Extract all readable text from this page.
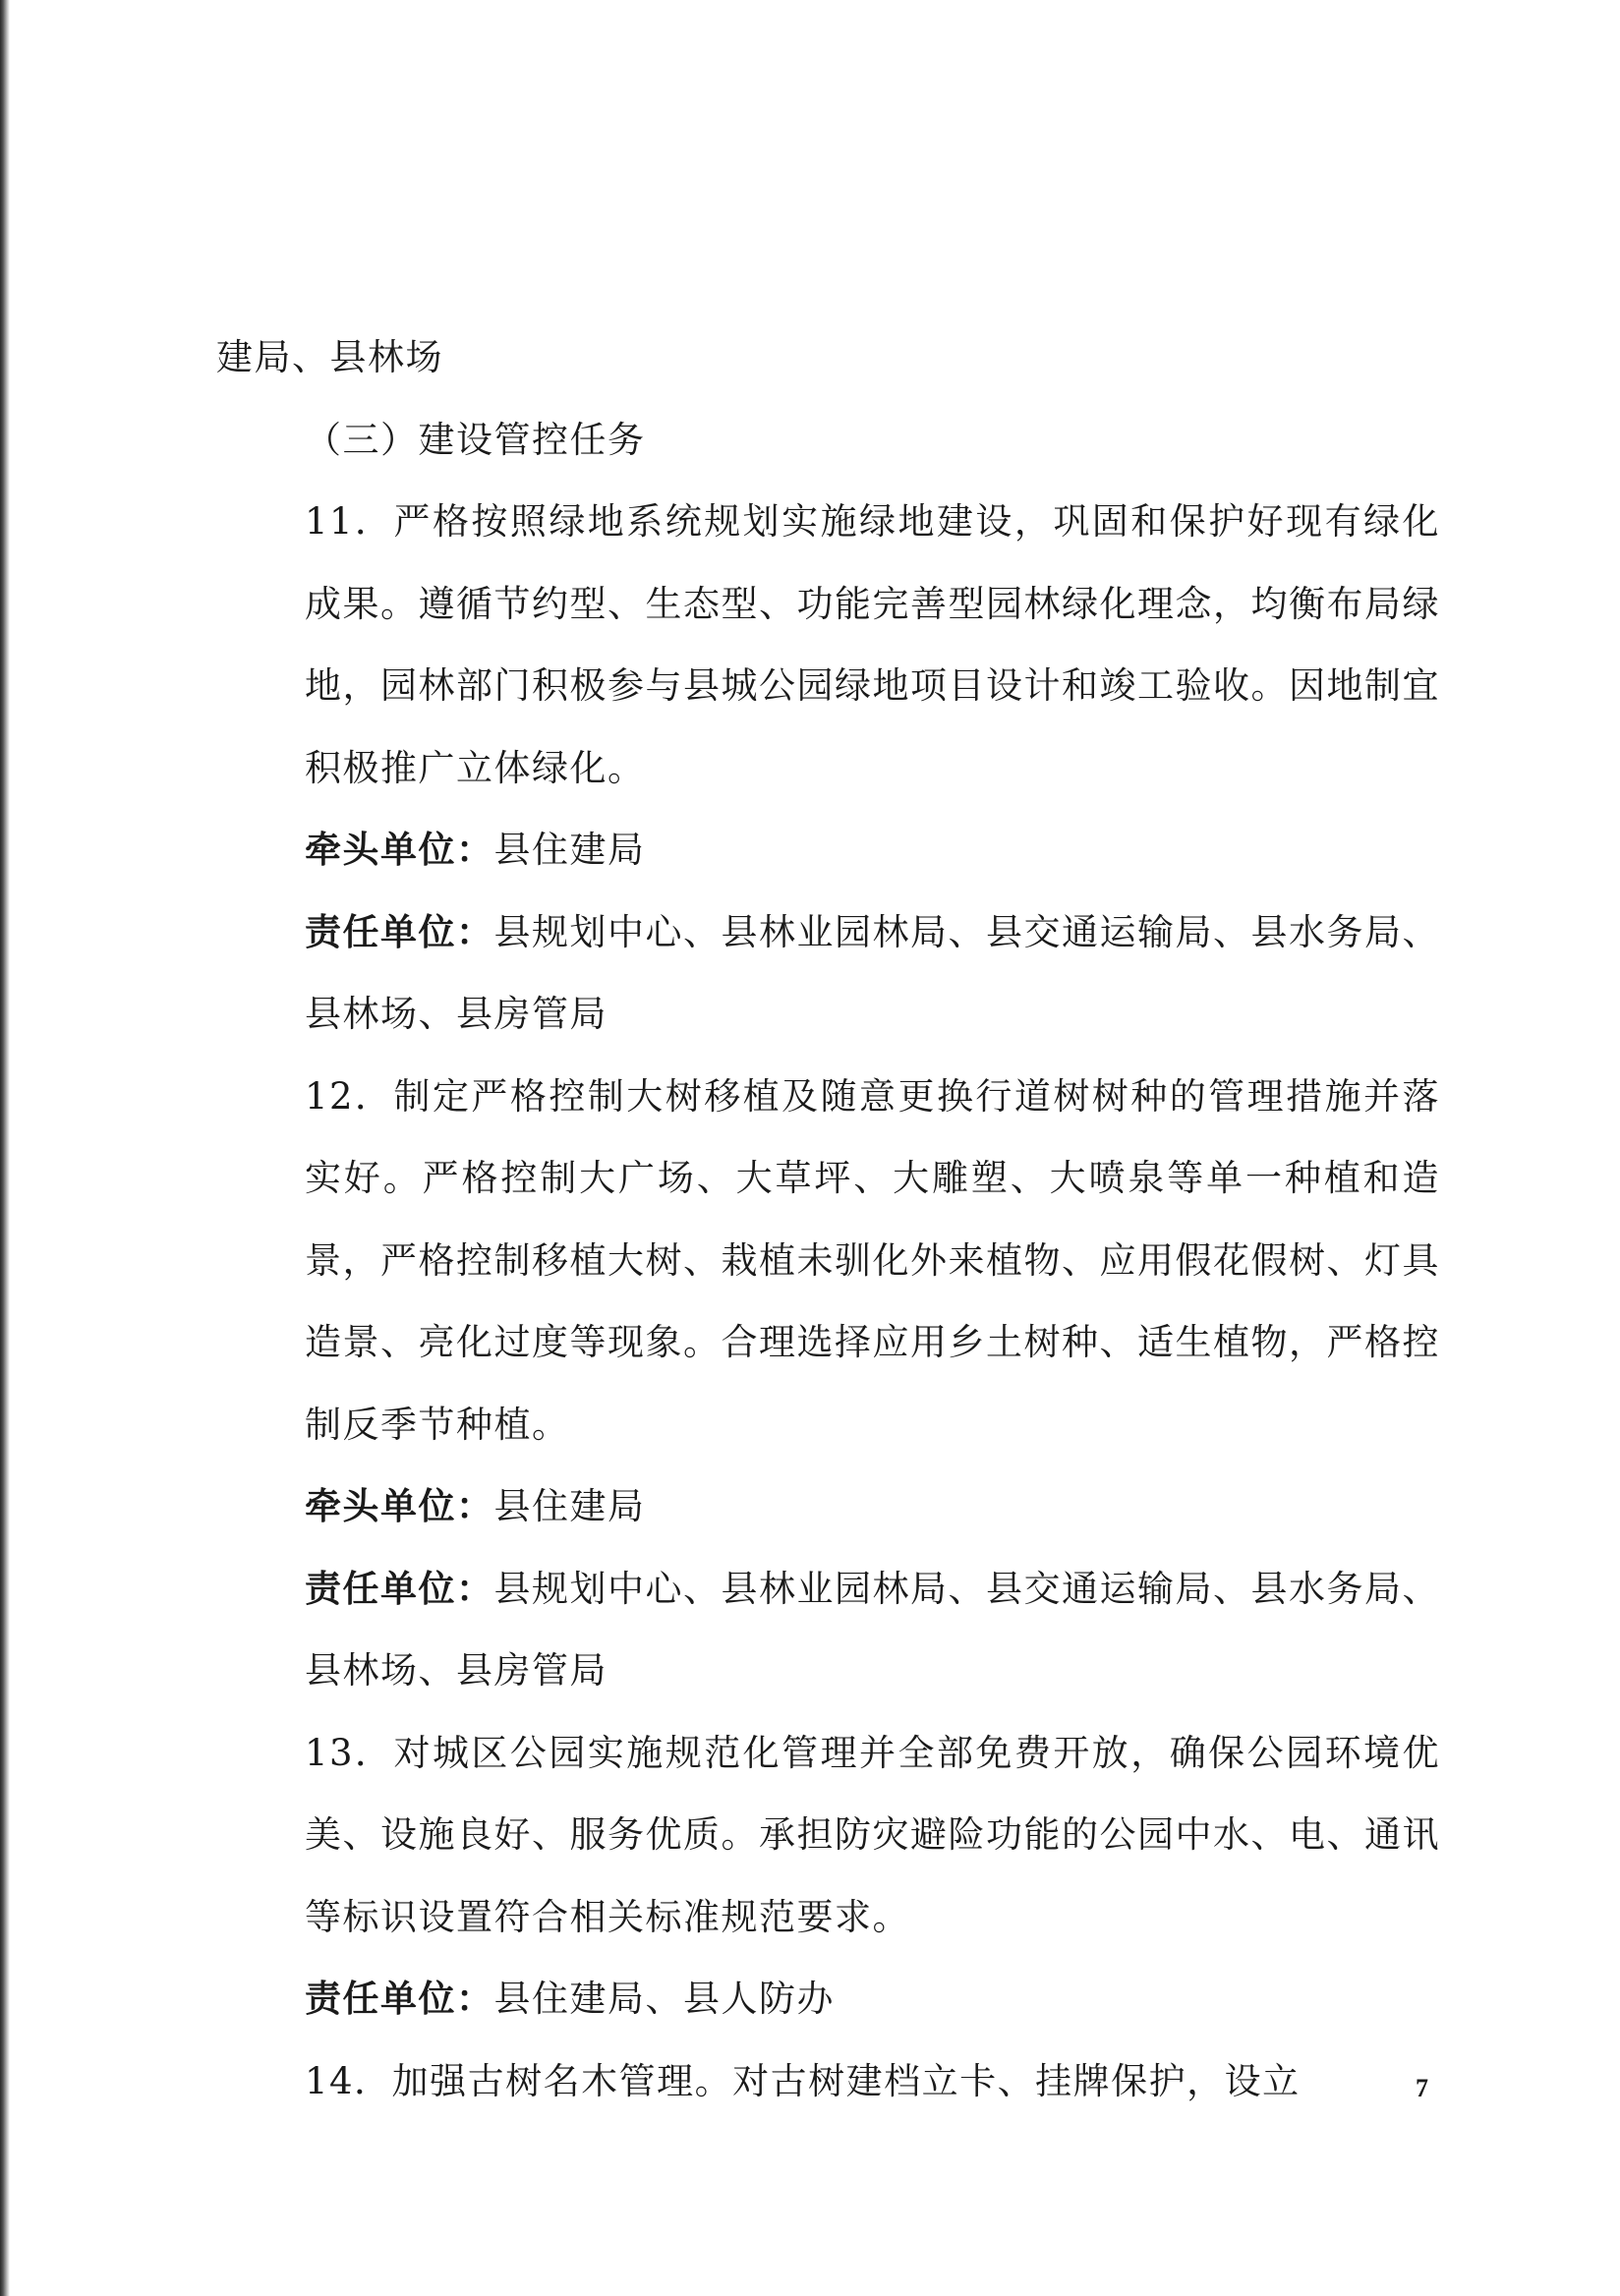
建局、县林场

（三）建设管控任务

11．严格按照绿地系统规划实施绿地建设，巩固和保护好现有绿化成果。遵循节约型、生态型、功能完善型园林绿化理念，均衡布局绿地，园林部门积极参与县城公园绿地项目设计和竣工验收。因地制宜积极推广立体绿化。

牵头单位：县住建局

责任单位：县规划中心、县林业园林局、县交通运输局、县水务局、县林场、县房管局

12．制定严格控制大树移植及随意更换行道树树种的管理措施并落实好。严格控制大广场、大草坪、大雕塑、大喷泉等单一种植和造景，严格控制移植大树、栽植未驯化外来植物、应用假花假树、灯具造景、亮化过度等现象。合理选择应用乡土树种、适生植物，严格控制反季节种植。

牵头单位：县住建局

责任单位：县规划中心、县林业园林局、县交通运输局、县水务局、县林场、县房管局

13．对城区公园实施规范化管理并全部免费开放，确保公园环境优美、设施良好、服务优质。承担防灾避险功能的公园中水、电、通讯等标识设置符合相关标准规范要求。

责任单位：县住建局、县人防办

14．加强古树名木管理。对古树建档立卡、挂牌保护，设立	7
